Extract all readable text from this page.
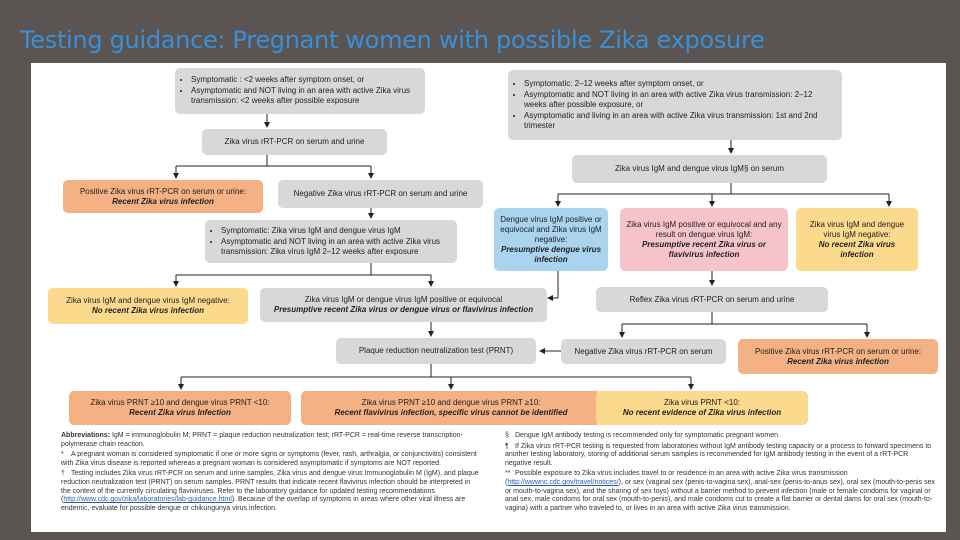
Testing guidance: Pregnant women with possible Zika exposure
• Symptomatic : <2 weeks after symptom onset, or
• Asymptomatic and NOT living in an area with active Zika virus transmission: <2 weeks after possible exposure
Zika virus rRT-PCR on serum and urine
Positive Zika virus rRT-PCR on serum or urine:
Recent Zika virus infection
Negative Zika virus rRT-PCR on serum and urine
• Symptomatic: Zika virus IgM and dengue virus IgM
• Asymptomatic and NOT living in an area with active Zika virus transmission: Zika virus IgM 2–12 weeks after exposure
Zika virus IgM and dengue virus IgM negative:
No recent Zika virus infection
Zika virus IgM or dengue virus IgM positive or equivocal
Presumptive recent Zika virus or dengue virus or flavivirus infection
• Symptomatic: 2–12 weeks after symptom onset, or
• Asymptomatic and NOT living in an area with active Zika virus transmission: 2–12 weeks after possible exposure, or
• Asymptomatic and living in an area with active Zika virus transmission: 1st and 2nd trimester
Zika virus IgM and dengue virus IgM§ on serum
Dengue virus IgM positive or equivocal and Zika virus IgM negative:
Presumptive dengue virus infection
Zika virus IgM positive or equivocal and any result on dengue virus IgM:
Presumptive recent Zika virus or flavivirus infection
Zika virus IgM and dengue virus IgM negative:
No recent Zika virus infection
Reflex Zika virus rRT-PCR on serum and urine
Negative Zika virus rRT-PCR on serum	Positive Zika virus rRT-PCR on serum or urine:
Recent Zika virus infection
Plaque reduction neutralization test (PRNT)
Zika virus PRNT ≥10 and dengue virus PRNT <10:
Recent Zika virus Infection
Zika virus PRNT ≥10 and dengue virus PRNT ≥10:
Recent flavivirus infection, specific virus cannot be identified
Zika virus PRNT <10:
No recent evidence of Zika virus infection

Abbreviations: IgM = immunoglobulin M; PRNT = plaque reduction neutralization test; rRT-PCR = real-time reverse transcription-polymerase chain reaction.

* A pregnant woman is considered symptomatic if one or more signs or symptoms (fever, rash, arthralgia, or conjunctivitis) consistent with Zika virus disease is reported whereas a pregnant woman is considered asymptomatic if symptoms are NOT reported.

† Testing includes Zika virus rRT-PCR on serum and urine samples, Zika virus and dengue virus Immunoglobulin M (IgM), and plaque reduction neutralization test (PRNT) on serum samples. PRNT results that indicate recent flavivirus infection should be interpreted in the context of the currently circulating flaviviruses. Refer to the laboratory guidance for updated testing recommendations (http://www.cdc.gov/zika/laboratories/lab-guidance.html). Because of the overlap of symptoms in areas where other viral illness are endemic, evaluate for possible dengue or chikungunya virus infection.

§ Dengue IgM antibody testing is recommended only for symptomatic pregnant women.

¶ If Zika virus rRT-PCR testing is requested from laboratories without IgM antibody testing capacity or a process to forward specimens to another testing laboratory, storing of additional serum samples is recommended for IgM antibody testing in the event of a rRT-PCR negative result.

** Possible exposure to Zika virus includes travel to or residence in an area with active Zika virus transmission (http://wwwnc.cdc.gov/travel/notices/), or sex (vaginal sex (penis-to-vagina sex), anal-sex (penis-to-anus sex), oral sex (mouth-to-penis sex or mouth-to-vagina sex), and the sharing of sex toys) without a barrier method to prevent infection (male or female condoms for vaginal or anal sex, male condoms for oral sex (mouth-to-penis), and male condoms cut to create a flat barrier or dental dams for oral sex (mouth-to-vagina) with a partner who traveled to, or lives in an area with active Zika virus transmission.
